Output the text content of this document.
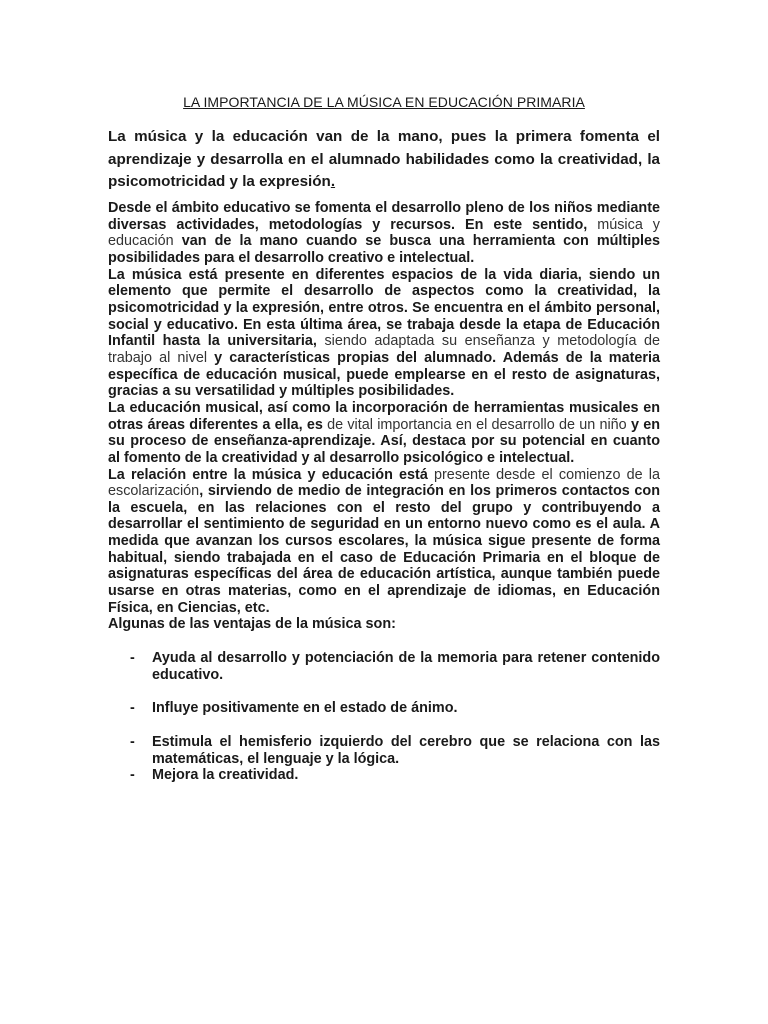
LA IMPORTANCIA DE LA MÚSICA EN EDUCACIÓN PRIMARIA

La música y la educación van de la mano, pues la primera fomenta el aprendizaje y desarrolla en el alumnado habilidades como la creatividad, la psicomotricidad y la expresión.

Desde el ámbito educativo se fomenta el desarrollo pleno de los niños mediante diversas actividades, metodologías y recursos. En este sentido, música y educación van de la mano cuando se busca una herramienta con múltiples posibilidades para el desarrollo creativo e intelectual.

La música está presente en diferentes espacios de la vida diaria, siendo un elemento que permite el desarrollo de aspectos como la creatividad, la psicomotricidad y la expresión, entre otros. Se encuentra en el ámbito personal, social y educativo. En esta última área, se trabaja desde la etapa de Educación Infantil hasta la universitaria, siendo adaptada su enseñanza y metodología de trabajo al nivel y características propias del alumnado. Además de la materia específica de educación musical, puede emplearse en el resto de asignaturas, gracias a su versatilidad y múltiples posibilidades.

La educación musical, así como la incorporación de herramientas musicales en otras áreas diferentes a ella, es de vital importancia en el desarrollo de un niño y en su proceso de enseñanza-aprendizaje. Así, destaca por su potencial en cuanto al fomento de la creatividad y al desarrollo psicológico e intelectual.

La relación entre la música y educación está presente desde el comienzo de la escolarización, sirviendo de medio de integración en los primeros contactos con la escuela, en las relaciones con el resto del grupo y contribuyendo a desarrollar el sentimiento de seguridad en un entorno nuevo como es el aula. A medida que avanzan los cursos escolares, la música sigue presente de forma habitual, siendo trabajada en el caso de Educación Primaria en el bloque de asignaturas específicas del área de educación artística, aunque también puede usarse en otras materias, como en el aprendizaje de idiomas, en Educación Física, en Ciencias, etc.

Algunas de las ventajas de la música son:

- Ayuda al desarrollo y potenciación de la memoria para retener contenido educativo.
- Influye positivamente en el estado de ánimo.
- Estimula el hemisferio izquierdo del cerebro que se relaciona con las matemáticas, el lenguaje y la lógica.
- Mejora la creatividad.
